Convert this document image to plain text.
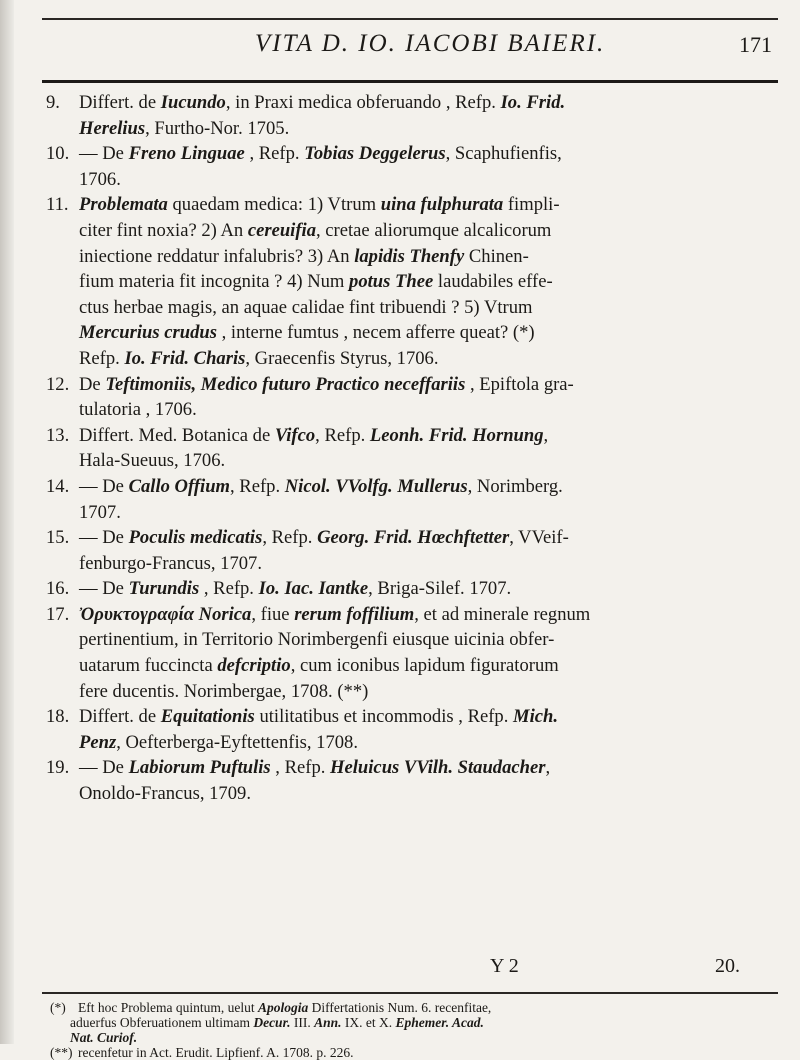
VITA D. IO. IACOBI BAIERI.	171
9. Differt. de Iucundo, in Praxi medica obferuando , Refp. Io. Frid.
Herelius, Furtho-Nor. 1705.
10. — De Freno Linguae , Refp. Tobias Deggelerus, Scaphufienfis,
1706.
11. Problemata quaedam medica: 1) Vtrum uina fulphurata fimpli-
citer fint noxia? 2) An cereuifia, cretae aliorumque alcalicorum
iniectione reddatur infalubris? 3) An lapidis Thenfy Chinen-
fium materia fit incognita ? 4) Num potus Thee laudabiles effe-
ctus herbae magis, an aquae calidae fint tribuendi ? 5) Vtrum
Mercurius crudus , interne fumtus , necem afferre queat? (*)
Refp. Io. Frid. Charis, Graecenfis Styrus, 1706.
12. De Teftimoniis, Medico futuro Practico neceffariis , Epiftola gra-
tulatoria , 1706.
13. Differt. Med. Botanica de Vifco, Refp. Leonh. Frid. Hornung,
Hala-Sueuus, 1706.
14. — De Callo Offium, Refp. Nicol. VVolfg. Mullerus, Norimberg.
1707.
15. — De Poculis medicatis, Refp. Georg. Frid. Hœchftetter, VVeif-
fenburgo-Francus, 1707.
16. — De Turundis , Refp. Io. Iac. Iantke, Briga-Silef. 1707.
17. Ὀρυκτογραφία Norica, fiue rerum foffilium, et ad minerale regnum
pertinentium, in Territorio Norimbergenfi eiusque uicinia obfer-
uatarum fuccincta defcriptio, cum iconibus lapidum figuratorum
fere ducentis. Norimbergae, 1708. (**)
18. Differt. de Equitationis utilitatibus et incommodis , Refp. Mich.
Penz, Oefterberga-Eyftettenfis, 1708.
19. — De Labiorum Puftulis , Refp. Heluicus VVilh. Staudacher,
Onoldo-Francus, 1709.
Y 2	20.
(*) Eft hoc Problema quintum, uelut Apologia Differtationis Num. 6. recenfitae,
aduerfus Obferuationem ultimam Decur. III. Ann. IX. et X. Ephemer. Acad.
Nat. Curiof.
(**) recenfetur in Act. Erudit. Lipfienf. A. 1708. p. 226.
